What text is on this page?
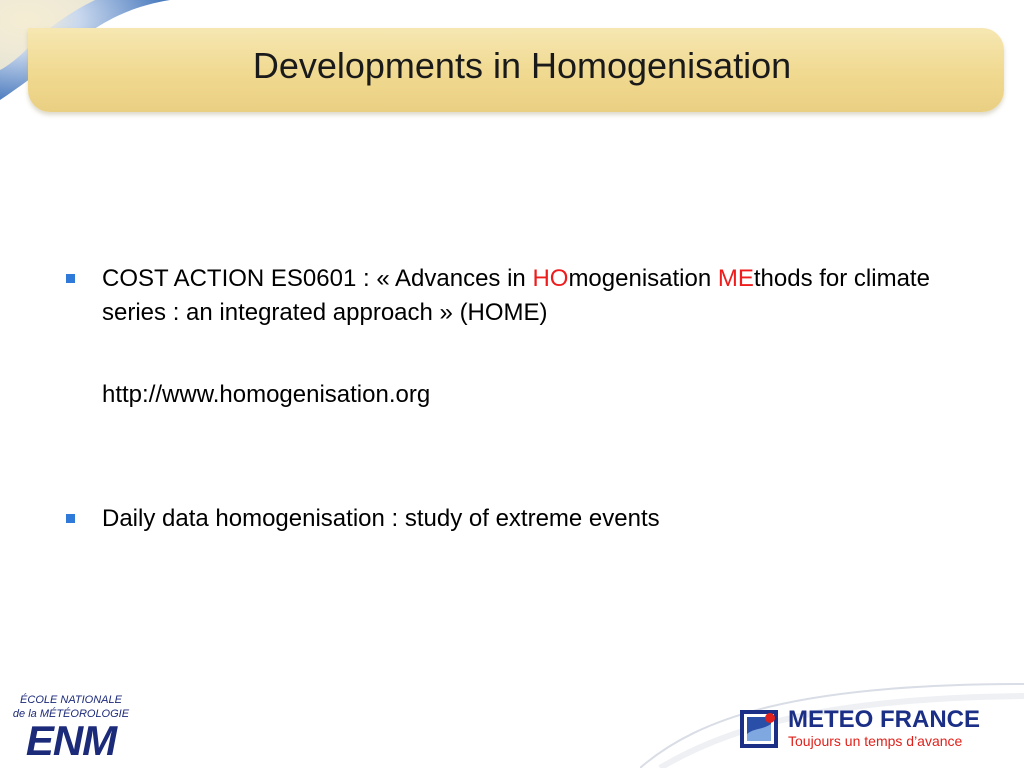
Developments in Homogenisation
COST ACTION ES0601 : « Advances in HOmogenisation MEthods for climate series : an integrated approach » (HOME)
http://www.homogenisation.org
Daily data homogenisation : study of extreme events
ÉCOLE NATIONALE
de la MÉTÉOROLOGIE
ENM	METEO FRANCE
Toujours un temps d’avance
